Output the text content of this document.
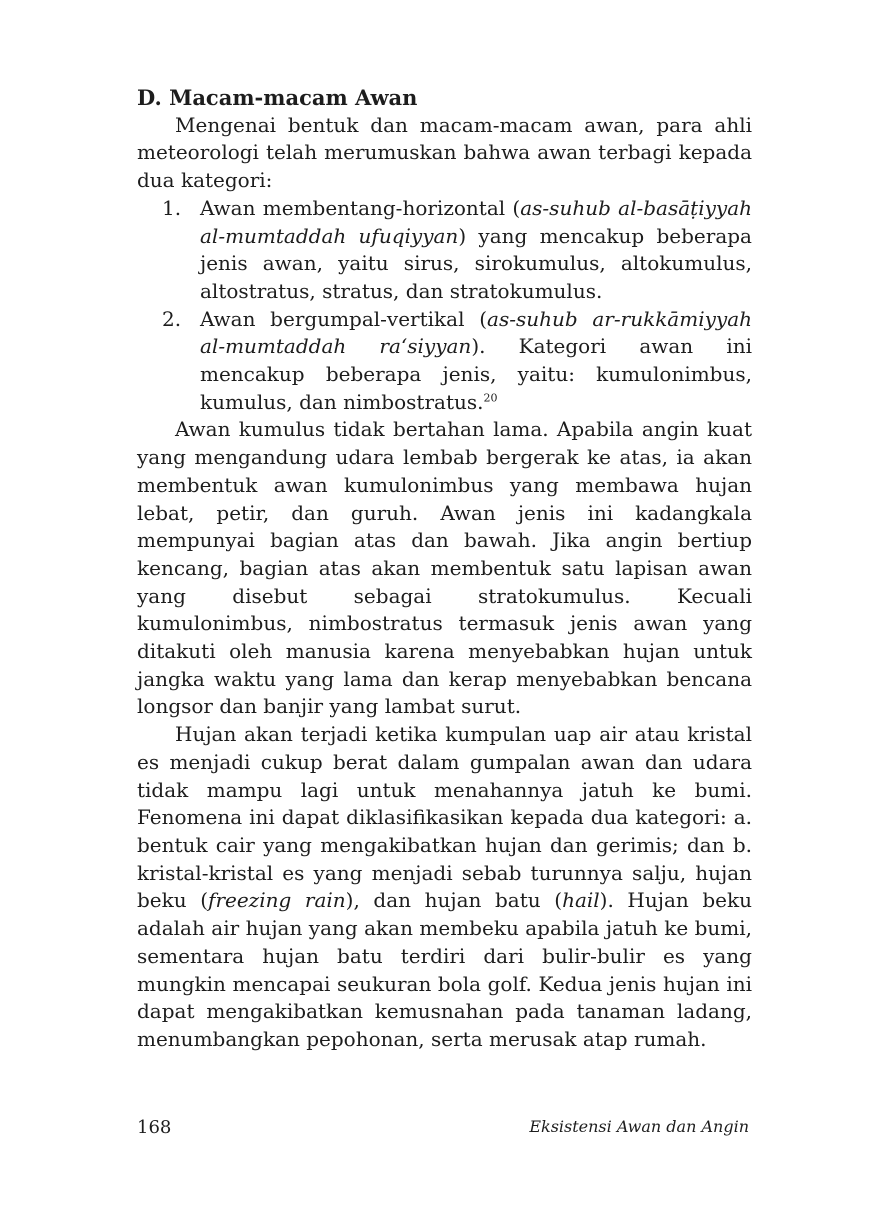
D. Macam-macam Awan

Mengenai bentuk dan macam-macam awan, para ahli meteorologi telah merumuskan bahwa awan terbagi kepada dua kategori:

1. Awan membentang-horizontal (as-suhub al-basāṭiyyah al-mumtaddah ufuqiyyan) yang mencakup beberapa jenis awan, yaitu sirus, sirokumulus, altokumulus, altostratus, stratus, dan stratokumulus.
2. Awan bergumpal-vertikal (as-suhub ar-rukkāmiyyah al-mumtaddah ra‘siyyan). Kategori awan ini mencakup beberapa jenis, yaitu: kumulonimbus, kumulus, dan nimbostratus.$^{20}$

Awan kumulus tidak bertahan lama. Apabila angin kuat yang mengandung udara lembab bergerak ke atas, ia akan membentuk awan kumulonimbus yang membawa hujan lebat, petir, dan guruh. Awan jenis ini kadangkala mempunyai bagian atas dan bawah. Jika angin bertiup kencang, bagian atas akan membentuk satu lapisan awan yang disebut sebagai stratokumulus. Kecuali kumulonimbus, nimbostratus termasuk jenis awan yang ditakuti oleh manusia karena menyebabkan hujan untuk jangka waktu yang lama dan kerap menyebabkan bencana longsor dan banjir yang lambat surut.

Hujan akan terjadi ketika kumpulan uap air atau kristal es menjadi cukup berat dalam gumpalan awan dan udara tidak mampu lagi untuk menahannya jatuh ke bumi. Fenomena ini dapat diklasifikasikan kepada dua kategori: a. bentuk cair yang mengakibatkan hujan dan gerimis; dan b. kristal-kristal es yang menjadi sebab turunnya salju, hujan beku (freezing rain), dan hujan batu (hail). Hujan beku adalah air hujan yang akan membeku apabila jatuh ke bumi, sementara hujan batu terdiri dari bulir-bulir es yang mungkin mencapai seukuran bola golf. Kedua jenis hujan ini dapat mengakibatkan kemusnahan pada tanaman ladang, menumbangkan pepohonan, serta merusak atap rumah.

168	Eksistensi Awan dan Angin
